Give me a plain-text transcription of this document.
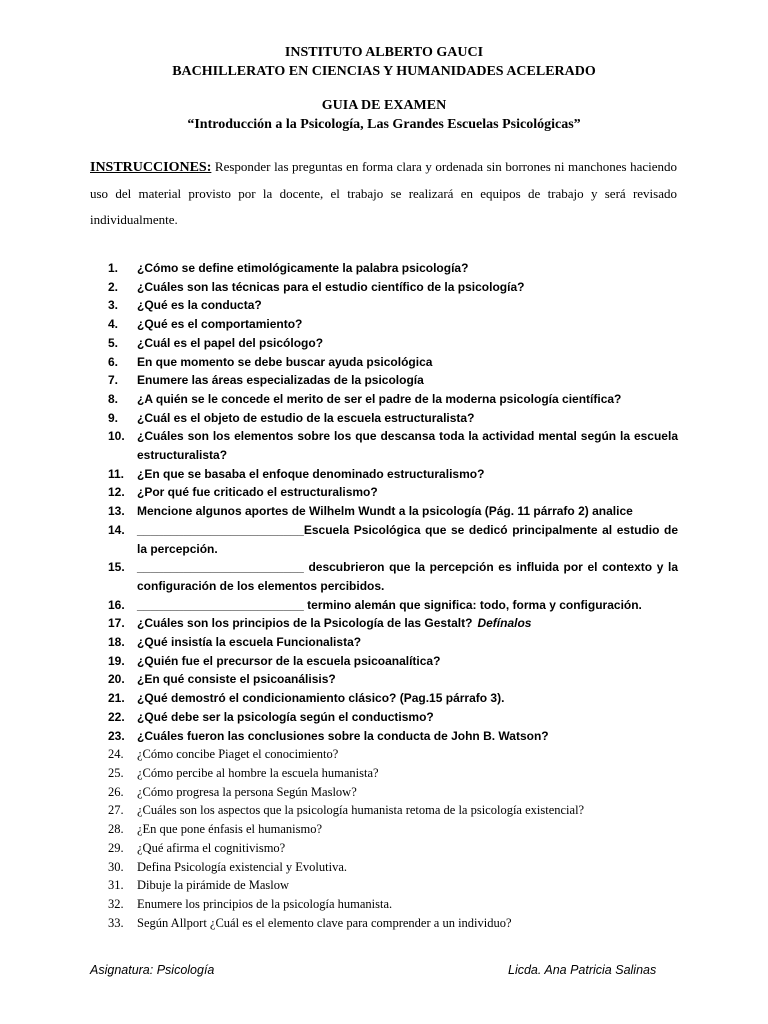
INSTITUTO ALBERTO GAUCI
BACHILLERATO EN CIENCIAS Y HUMANIDADES ACELERADO
GUIA DE EXAMEN
“Introducción a la Psicología, Las Grandes Escuelas Psicológicas”
INSTRUCCIONES: Responder las preguntas en forma clara y ordenada sin borrones ni manchones haciendo uso del material provisto por la docente, el trabajo se realizará en equipos de trabajo y será revisado individualmente.
1.	¿Cómo se define etimológicamente la palabra psicología?
2.	¿Cuáles son las técnicas para el estudio científico de la psicología?
3.	¿Qué es la conducta?
4.	¿Qué es el comportamiento?
5.	¿Cuál es el papel del psicólogo?
6.	En que momento se debe buscar ayuda psicológica
7.	Enumere las áreas especializadas de la psicología
8.	¿A quién se le concede el merito de ser el padre de la moderna psicología científica?
9.	¿Cuál es el objeto de estudio de la escuela estructuralista?
10.	¿Cuáles son los elementos sobre los que descansa toda la actividad mental según la escuela estructuralista?
11.	¿En que se basaba el enfoque denominado estructuralismo?
12.	¿Por qué fue criticado el estructuralismo?
13.	Mencione algunos aportes de Wilhelm Wundt a la psicología (Pág. 11 párrafo 2) analice
14.	_________________________Escuela Psicológica que se dedicó principalmente al estudio de la percepción.
15.	_________________________ descubrieron que la percepción es influida por el contexto y la configuración de los elementos percibidos.
16.	_________________________ termino alemán que significa: todo, forma y configuración.
17.	¿Cuáles son los principios de la Psicología de las Gestalt? Defínalos
18.	¿Qué insistía la escuela Funcionalista?
19.	¿Quién fue el precursor de la escuela psicoanalítica?
20.	¿En qué consiste el psicoanálisis?
21.	¿Qué demostró el condicionamiento clásico? (Pag.15 párrafo 3).
22.	¿Qué debe ser la psicología según el conductismo?
23.	¿Cuáles fueron las conclusiones sobre la conducta de John B. Watson?
24.	¿Cómo concibe Piaget el conocimiento?
25.	¿Cómo percibe al hombre la escuela humanista?
26.	¿Cómo progresa la persona Según Maslow?
27.	¿Cuáles son los aspectos que la psicología humanista retoma de la psicología existencial?
28.	¿En que pone énfasis el humanismo?
29.	¿Qué afirma el cognitivismo?
30.	Defina Psicología existencial y Evolutiva.
31.	Dibuje la pirámide de Maslow
32.	Enumere los principios de la psicología humanista.
33.	Según Allport ¿Cuál es el elemento clave para comprender a un individuo?
Asignatura: Psicología	Licda. Ana Patricia Salinas
